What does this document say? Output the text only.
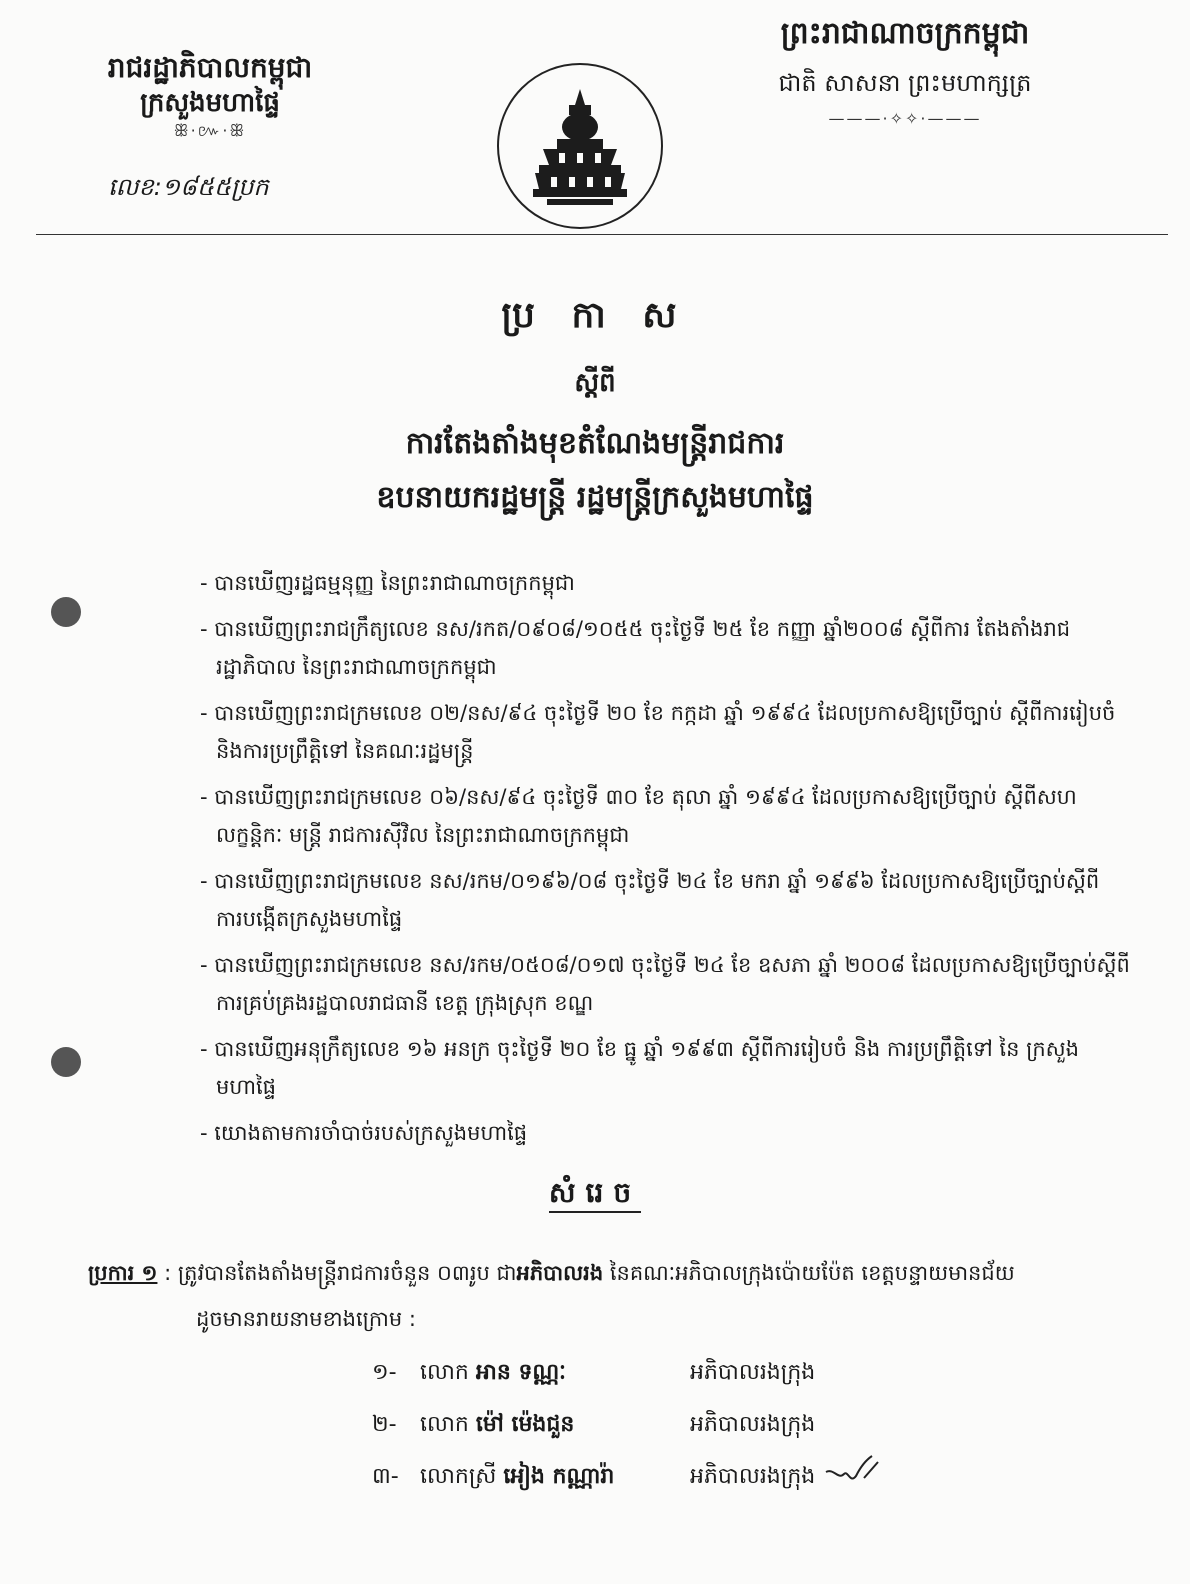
រាជរដ្ឋាភិបាលកម្ពុជា
ក្រសួងមហាផ្ទៃ
ꕥ·៚·ꕥ
លេខ:១៨៥៥ប្រក
ព្រះរាជាណាចក្រកម្ពុជា
ជាតិ សាសនា ព្រះមហាក្សត្រ
———·✧✧·———
ប្រ កា ស
ស្តីពី
ការតែងតាំងមុខតំណែងមន្ត្រីរាជការ
ឧបនាយករដ្ឋមន្ត្រី រដ្ឋមន្ត្រីក្រសួងមហាផ្ទៃ
- បានឃើញរដ្ឋធម្មនុញ្ញ នៃព្រះរាជាណាចក្រកម្ពុជា
- បានឃើញព្រះរាជក្រឹត្យលេខ នស/រកត/០៩០៨/១០៥៥ ចុះថ្ងៃទី ២៥ ខែ កញ្ញា ឆ្នាំ២០០៨ ស្តីពីការ តែងតាំងរាជរដ្ឋាភិបាល នៃព្រះរាជាណាចក្រកម្ពុជា
- បានឃើញព្រះរាជក្រមលេខ ០២/នស/៩៤ ចុះថ្ងៃទី ២០ ខែ កក្កដា ឆ្នាំ ១៩៩៤ ដែលប្រកាសឱ្យប្រើច្បាប់ ស្តីពីការរៀបចំ និងការប្រព្រឹត្តិទៅ នៃគណៈរដ្ឋមន្ត្រី
- បានឃើញព្រះរាជក្រមលេខ ០៦/នស/៩៤ ចុះថ្ងៃទី ៣០ ខែ តុលា ឆ្នាំ ១៩៩៤ ដែលប្រកាសឱ្យប្រើច្បាប់ ស្តីពីសហលក្ខន្តិកៈ មន្ត្រី រាជការស៊ីវិល នៃព្រះរាជាណាចក្រកម្ពុជា
- បានឃើញព្រះរាជក្រមលេខ នស/រកម/០១៩៦/០៨ ចុះថ្ងៃទី ២៤ ខែ មករា ឆ្នាំ ១៩៩៦ ដែលប្រកាសឱ្យប្រើច្បាប់ស្តីពី ការបង្កើតក្រសួងមហាផ្ទៃ
- បានឃើញព្រះរាជក្រមលេខ នស/រកម/០៥០៨/០១៧ ចុះថ្ងៃទី ២៤ ខែ ឧសភា ឆ្នាំ ២០០៨ ដែលប្រកាសឱ្យប្រើច្បាប់ស្តីពី ការគ្រប់គ្រងរដ្ឋបាលរាជធានី ខេត្ត ក្រុងស្រុក ខណ្ឌ
- បានឃើញអនុក្រឹត្យលេខ ១៦ អនក្រ ចុះថ្ងៃទី ២០ ខែ ធ្នូ ឆ្នាំ ១៩៩៣ ស្តីពីការរៀបចំ និង ការប្រព្រឹត្តិទៅ នៃ ក្រសួងមហាផ្ទៃ
- យោងតាមការចាំបាច់របស់ក្រសួងមហាផ្ទៃ
សំរេច
ប្រការ ១ : ត្រូវបានតែងតាំងមន្ត្រីរាជការចំនួន ០៣រូប ជាអភិបាលរង នៃគណៈអភិបាលក្រុងប៉ោយប៉ែត ខេត្តបន្ទាយមានជ័យ
ដូចមានរាយនាមខាងក្រោម :
១-	លោក អាន ទណ្ណៈ	អភិបាលរងក្រុង
២-	លោក ម៉ៅ ម៉េងជួន	អភិបាលរងក្រុង
៣- លោកស្រី អៀង កណ្ណារ៉ា	អភិបាលរងក្រុង
